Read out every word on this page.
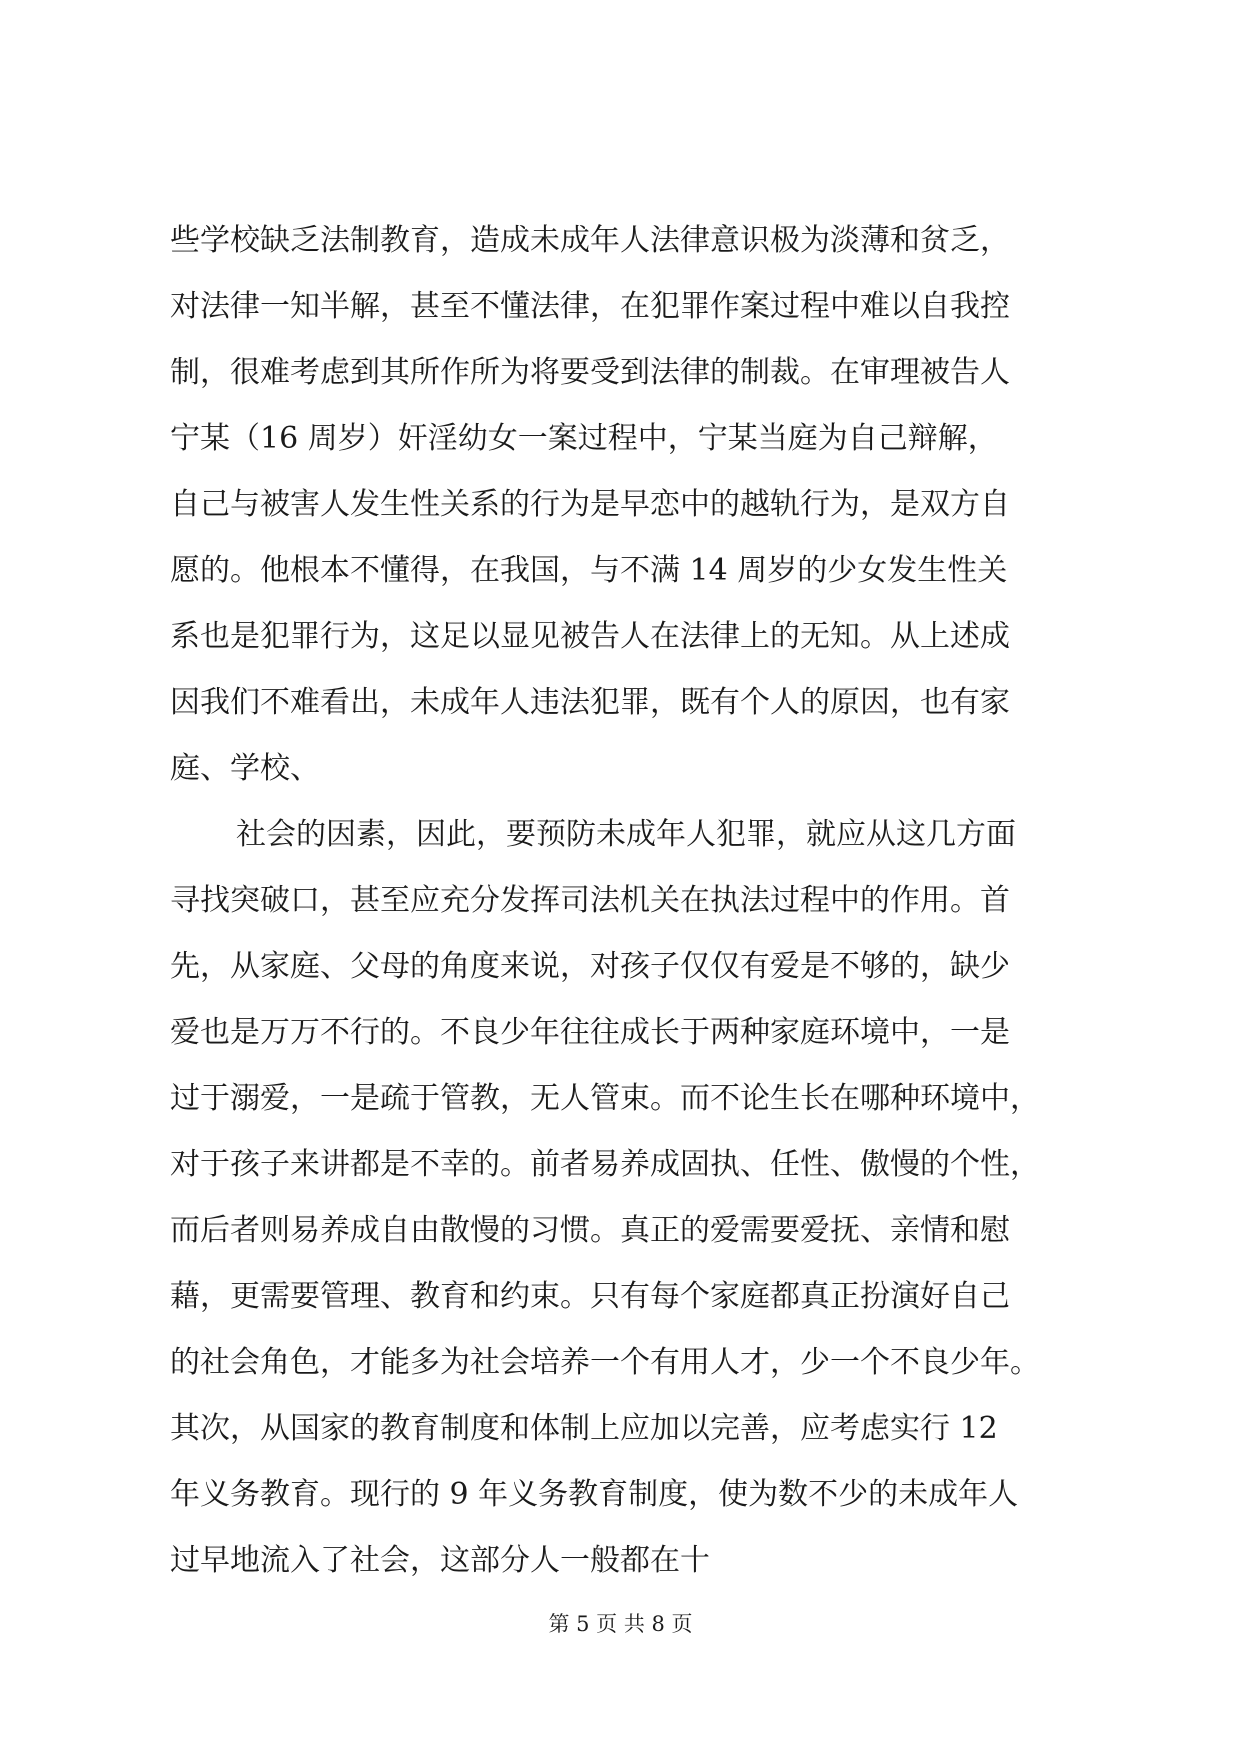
些学校缺乏法制教育，造成未成年人法律意识极为淡薄和贫乏，
对法律一知半解，甚至不懂法律，在犯罪作案过程中难以自我控
制，很难考虑到其所作所为将要受到法律的制裁。在审理被告人
宁某（16 周岁）奸淫幼女一案过程中，宁某当庭为自己辩解，
自己与被害人发生性关系的行为是早恋中的越轨行为，是双方自
愿的。他根本不懂得，在我国，与不满 14 周岁的少女发生性关
系也是犯罪行为，这足以显见被告人在法律上的无知。从上述成
因我们不难看出，未成年人违法犯罪，既有个人的原因，也有家
庭、学校、
社会的因素，因此，要预防未成年人犯罪，就应从这几方面
寻找突破口，甚至应充分发挥司法机关在执法过程中的作用。首
先，从家庭、父母的角度来说，对孩子仅仅有爱是不够的，缺少
爱也是万万不行的。不良少年往往成长于两种家庭环境中，一是
过于溺爱，一是疏于管教，无人管束。而不论生长在哪种环境中，
对于孩子来讲都是不幸的。前者易养成固执、任性、傲慢的个性，
而后者则易养成自由散慢的习惯。真正的爱需要爱抚、亲情和慰
藉，更需要管理、教育和约束。只有每个家庭都真正扮演好自己
的社会角色，才能多为社会培养一个有用人才，少一个不良少年。
其次，从国家的教育制度和体制上应加以完善，应考虑实行 12
年义务教育。现行的 9 年义务教育制度，使为数不少的未成年人
过早地流入了社会，这部分人一般都在十
第 5 页 共 8 页
